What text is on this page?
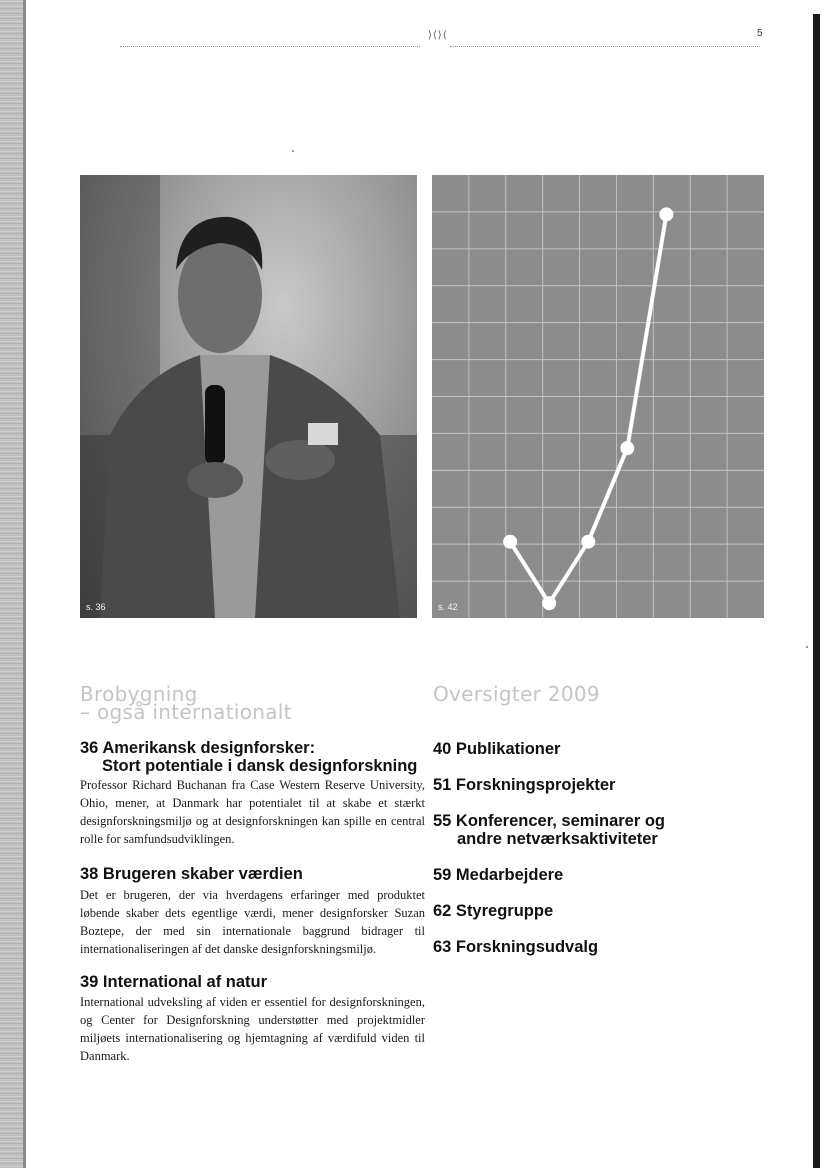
⟩⟨⟩⟨	5
s. 36	s. 42
Brobygning
– også internationalt
36 Amerikansk designforsker:
Stort potentiale i dansk designforskning
Professor Richard Buchanan fra Case Western Reserve University, Ohio, mener, at Danmark har potentialet til at skabe et stærkt designforskningsmiljø og at designforskningen kan spille en central rolle for samfundsudviklingen.
38 Brugeren skaber værdien
Det er brugeren, der via hverdagens erfaringer med produktet løbende skaber dets egentlige værdi, mener designforsker Suzan Boztepe, der med sin internationale baggrund bidrager til internationaliseringen af det danske designforskningsmiljø.
39 International af natur
International udveksling af viden er essentiel for designforskningen, og Center for Designforskning understøtter med projektmidler miljøets internationalisering og hjemtagning af værdifuld viden til Danmark.
Oversigter 2009
40 Publikationer
51 Forskningsprojekter
55 Konferencer, seminarer og
andre netværksaktiviteter
59 Medarbejdere
62 Styregruppe
63 Forskningsudvalg
